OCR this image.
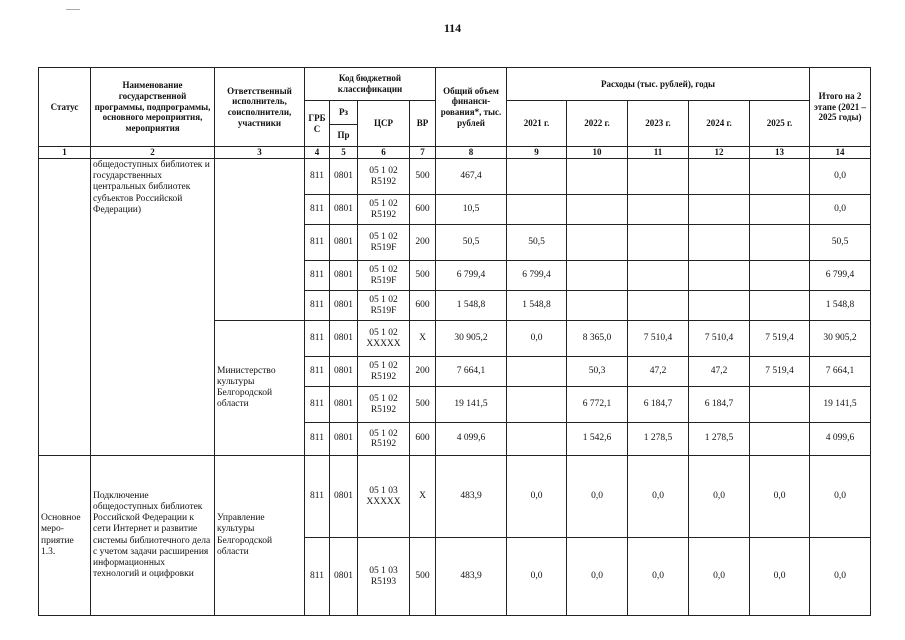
114
Статус	Наименование государственной программы, подпрограммы, основного мероприятия, мероприятия	Ответственный исполнитель, соисполнители, участники	Код бюджетной классификации				Общий объем финанси-рования*, тыс. рублей	Расходы (тыс. рублей), годы					Итого на 2 этапе (2021 – 2025 годы)
			ГРБ С	Рз	ЦСР	ВР		2021 г.	2022 г.	2023 г.	2024 г.	2025 г.	
				Пр									
1	2	3	4	5	6	7	8	9	10	11	12	13	14
	общедоступных библиотек и государственных центральных библиотек субъектов Российской Федерации)		811	0801	05 1 02
R5192	500	467,4						0,0
			811	0801	05 1 02
R5192	600	10,5						0,0
			811	0801	05 1 02
R519F	200	50,5	50,5					50,5
			811	0801	05 1 02
R519F	500	6 799,4	6 799,4					6 799,4
			811	0801	05 1 02
R519F	600	1 548,8	1 548,8					1 548,8
		Министерство культуры Белгородской области	811	0801	05 1 02
XXXXX	X	30 905,2	0,0	8 365,0	7 510,4	7 510,4	7 519,4	30 905,2
			811	0801	05 1 02
R5192	200	7 664,1		50,3	47,2	47,2	7 519,4	7 664,1
			811	0801	05 1 02
R5192	500	19 141,5		6 772,1	6 184,7	6 184,7		19 141,5
			811	0801	05 1 02
R5192	600	4 099,6		1 542,6	1 278,5	1 278,5		4 099,6
Основное меро-приятие 1.3.	Подключение общедоступных библиотек Российской Федерации к сети Интернет и развитие системы библиотечного дела с учетом задачи расширения информационных технологий и оцифровки	Управление культуры Белгородской области	811	0801	05 1 03
XXXXX	X	483,9	0,0	0,0	0,0	0,0	0,0	0,0
			811	0801	05 1 03
R5193	500	483,9	0,0	0,0	0,0	0,0	0,0	0,0
